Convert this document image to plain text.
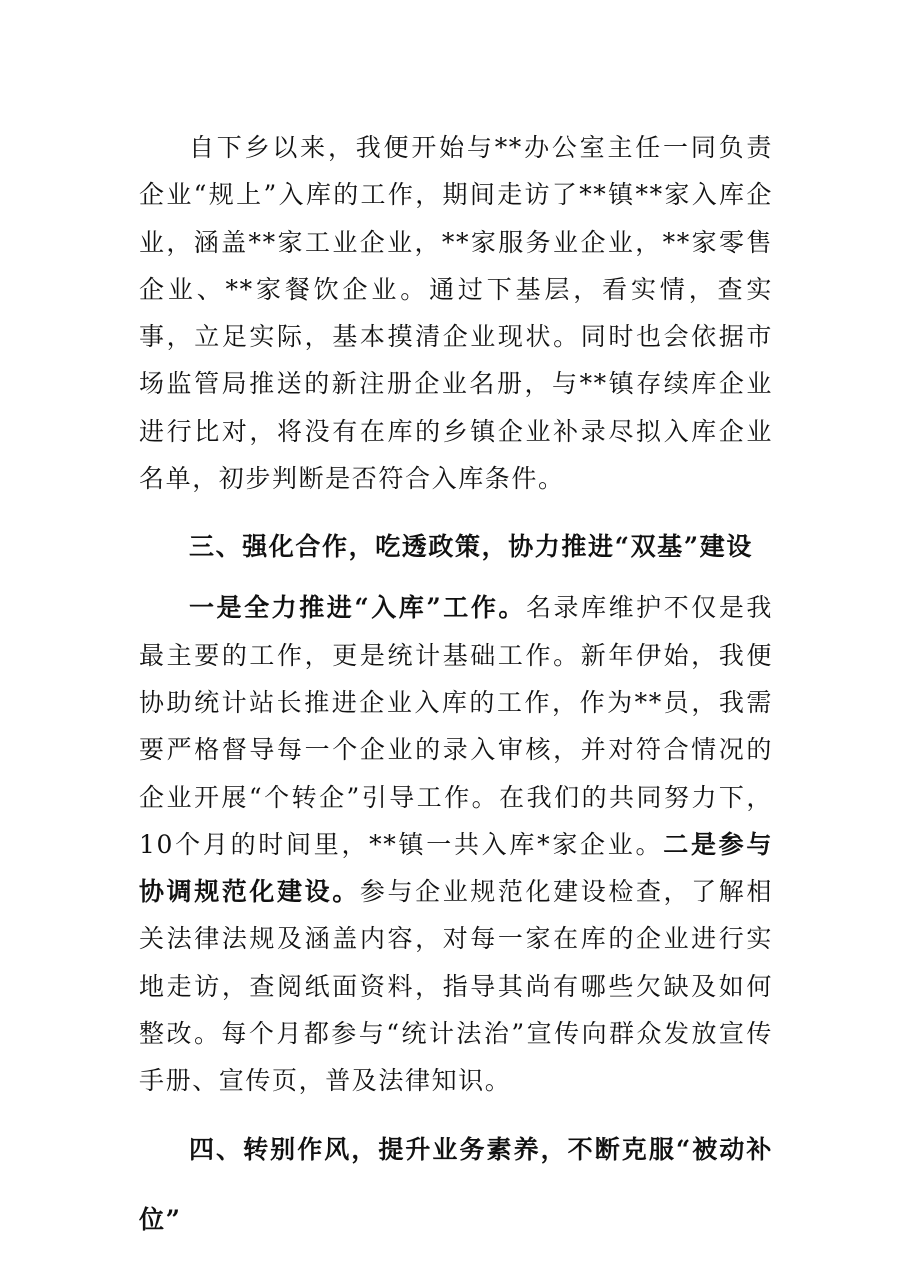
自下乡以来，我便开始与**办公室主任一同负责企业“规上”入库的工作，期间走访了**镇**家入库企业，涵盖**家工业企业，**家服务业企业，**家零售企业、**家餐饮企业。通过下基层，看实情，查实事，立足实际，基本摸清企业现状。同时也会依据市场监管局推送的新注册企业名册，与**镇存续库企业进行比对，将没有在库的乡镇企业补录尽拟入库企业名单，初步判断是否符合入库条件。

三、强化合作，吃透政策，协力推进“双基”建设

一是全力推进“入库”工作。名录库维护不仅是我最主要的工作，更是统计基础工作。新年伊始，我便协助统计站长推进企业入库的工作，作为**员，我需要严格督导每一个企业的录入审核，并对符合情况的企业开展“个转企”引导工作。在我们的共同努力下，10个月的时间里，**镇一共入库*家企业。二是参与协调规范化建设。参与企业规范化建设检查，了解相关法律法规及涵盖内容，对每一家在库的企业进行实地走访，查阅纸面资料，指导其尚有哪些欠缺及如何整改。每个月都参与“统计法治”宣传向群众发放宣传手册、宣传页，普及法律知识。

四、转别作风，提升业务素养，不断克服“被动补位”
